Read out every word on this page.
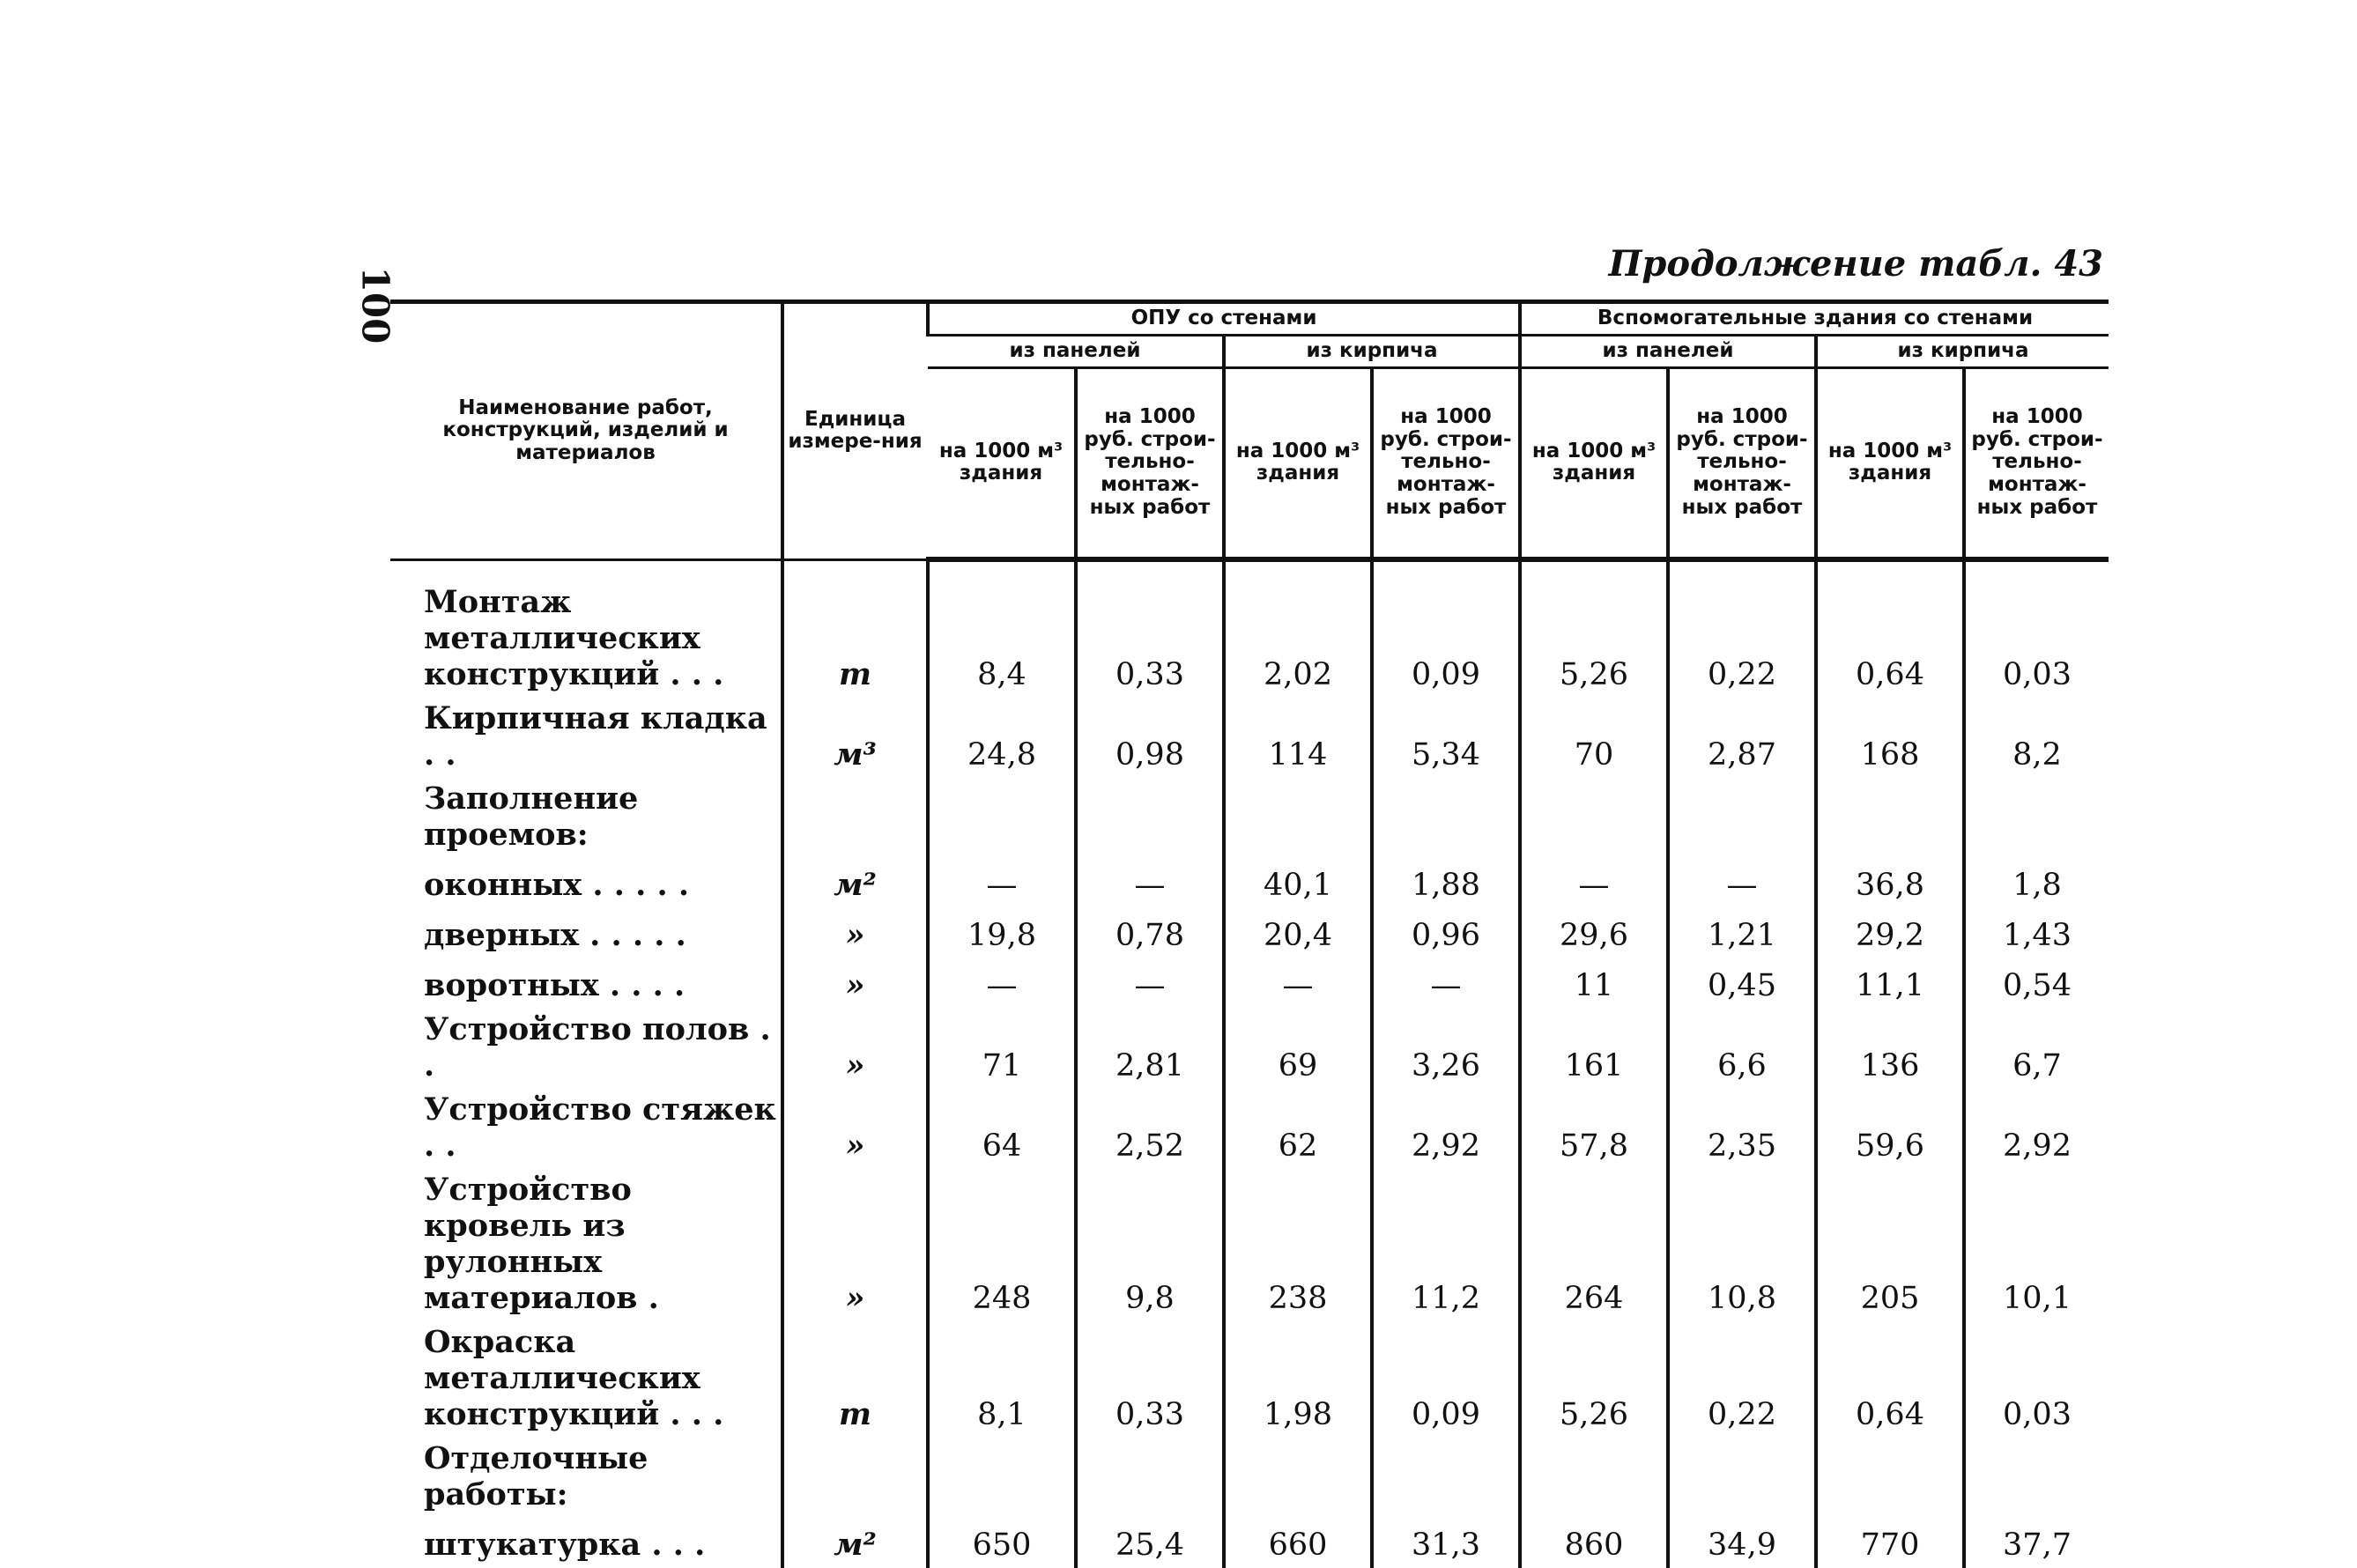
100
Продолжение табл. 43
Наименование работ, конструкций, изделий и материалов	Единица измере-ния	ОПУ со стенами				Вспомогательные здания со стенами			
		из панелей		из кирпича		из панелей		из кирпича	
		на 1000 м³ здания	на 1000 руб. строи-тельно-монтаж-ных работ	на 1000 м³ здания	на 1000 руб. строи-тельно-монтаж-ных работ	на 1000 м³ здания	на 1000 руб. строи-тельно-монтаж-ных работ	на 1000 м³ здания	на 1000 руб. строи-тельно-монтаж-ных работ
Монтаж металлических конструкций . . .	т	8,4	0,33	2,02	0,09	5,26	0,22	0,64	0,03
Кирпичная кладка . .	м³	24,8	0,98	114	5,34	70	2,87	168	8,2
Заполнение проемов:									
оконных . . . . .	м²	—	—	40,1	1,88	—	—	36,8	1,8
дверных . . . . .	»	19,8	0,78	20,4	0,96	29,6	1,21	29,2	1,43
воротных . . . .	»	—	—	—	—	11	0,45	11,1	0,54
Устройство полов . .	»	71	2,81	69	3,26	161	6,6	136	6,7
Устройство стяжек . .	»	64	2,52	62	2,92	57,8	2,35	59,6	2,92
Устройство кровель из рулонных материалов .	»	248	9,8	238	11,2	264	10,8	205	10,1
Окраска металлических конструкций . . .	т	8,1	0,33	1,98	0,09	5,26	0,22	0,64	0,03
Отделочные работы:									
штукатурка . . .	м²	650	25,4	660	31,3	860	34,9	770	37,7
